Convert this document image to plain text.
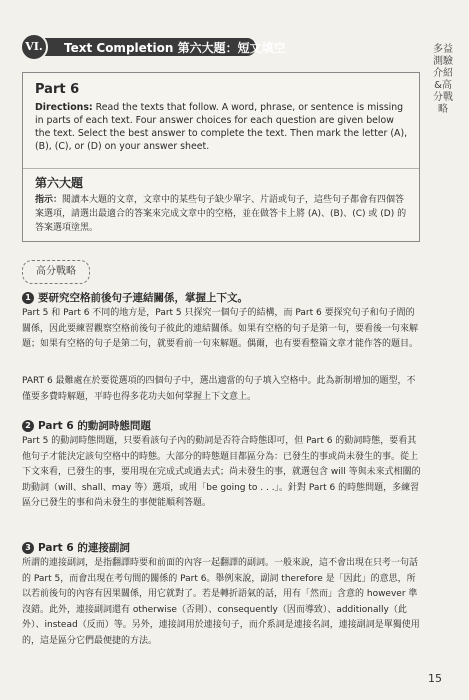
Text Completion 第六大題：短文填空
VI.	多益測驗介紹&高分戰略
Part 6

Directions: Read the texts that follow. A word, phrase, or sentence is missing in parts of each text. Four answer choices for each question are given below the text. Select the best answer to complete the text. Then mark the letter (A), (B), (C), or (D) on your answer sheet.

第六大題

指示：閱讀本大題的文章，文章中的某些句子缺少單字、片語或句子，這些句子都會有四個答案選項，請選出最適合的答案來完成文章中的空格，並在做答卡上將 (A)、(B)、(C) 或 (D) 的答案選項塗黑。

高分戰略
1 要研究空格前後句子連結關係，掌握上下文。

Part 5 和 Part 6 不同的地方是，Part 5 只探究一個句子的結構，而 Part 6 要探究句子和句子間的關係，因此要練習觀察空格前後句子彼此的連結關係。如果有空格的句子是第一句，要看後一句來解題；如果有空格的句子是第二句，就要看前一句來解題。偶爾，也有要看整篇文章才能作答的題目。

PART 6 最難處在於要從選項的四個句子中，選出適當的句子填入空格中。此為新制增加的題型，不僅要多費時解題，平時也得多花功夫如何掌握上下文意上。

2 Part 6 的動詞時態問題

Part 5 的動詞時態問題，只要看該句子內的動詞是否符合時態即可，但 Part 6 的動詞時態，要看其他句子才能決定該句空格中的時態。大部分的時態題目都區分為：已發生的事或尚未發生的事。從上下文來看，已發生的事，要用現在完成式或過去式；尚未發生的事，就選包含 will 等與未來式相關的助動詞（will、shall、may 等）選項，或用「be going to . . .」。針對 Part 6 的時態問題，多練習區分已發生的事和尚未發生的事便能順利答題。

3 Part 6 的連接副詞

所謂的連接副詞，是指翻譯時要和前面的內容一起翻譯的副詞。一般來說，這不會出現在只考一句話的 Part 5，而會出現在考句間的關係的 Part 6。舉例來說，副詞 therefore 是「因此」的意思，所以若前後句的內容有因果關係，用它就對了。若是轉折語氣的話，用有「然而」含意的 however 準沒錯。此外，連接副詞還有 otherwise（否則）、consequently（因而導致）、additionally（此外）、instead（反而）等。另外，連接詞用於連接句子，而介系詞是連接名詞，連接副詞是單獨使用的，這是區分它們最便捷的方法。

15
